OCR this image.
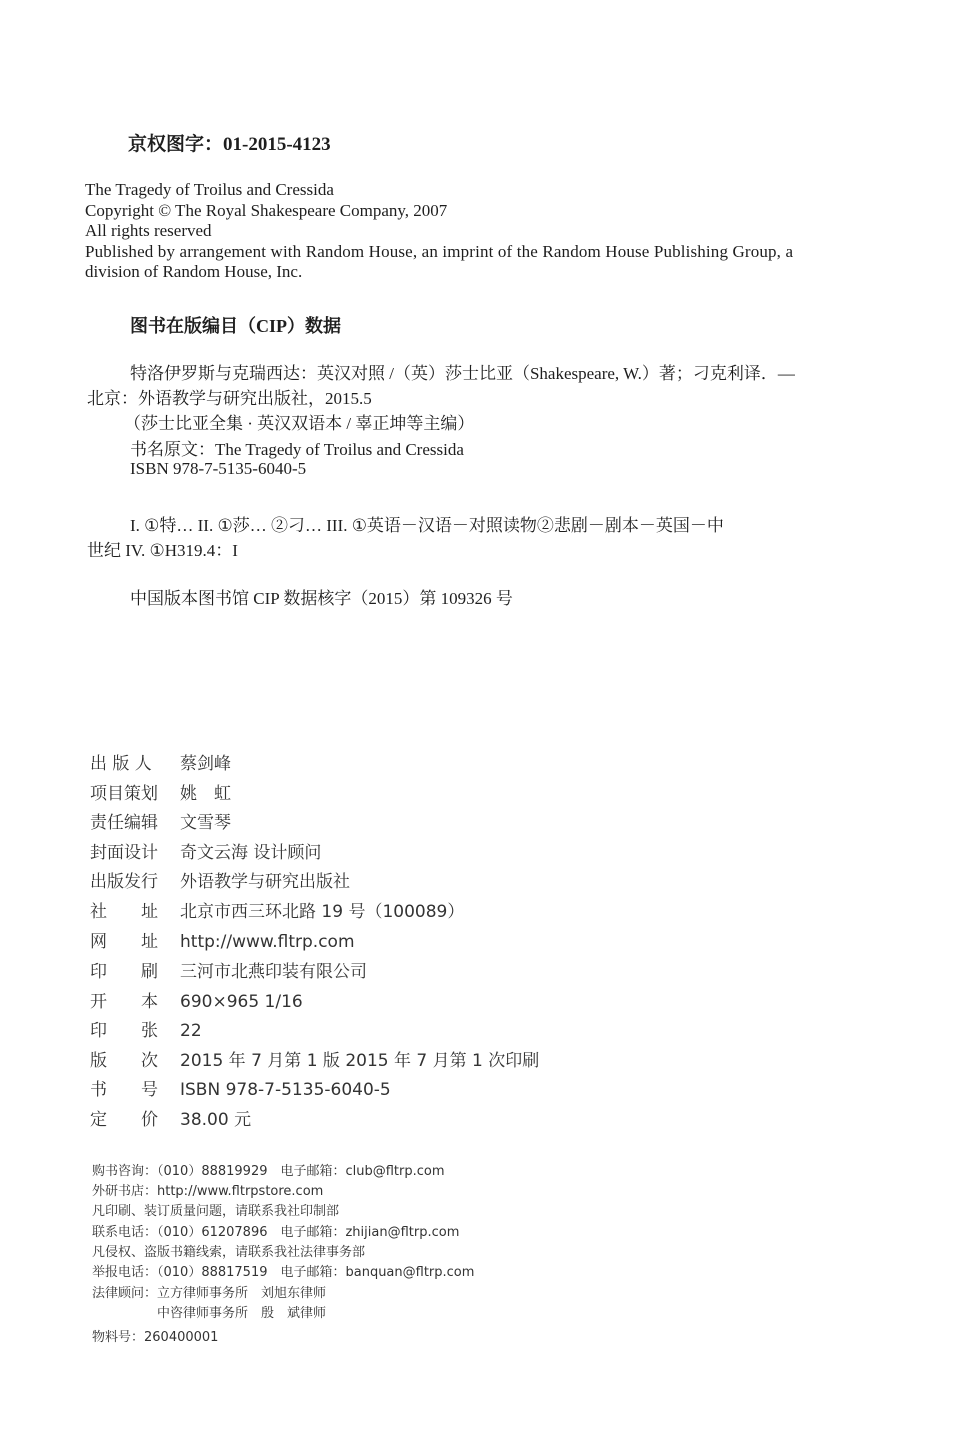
京权图字：01-2015-4123
The Tragedy of Troilus and Cressida
Copyright © The Royal Shakespeare Company, 2007
All rights reserved
Published by arrangement with Random House, an imprint of the Random House Publishing Group, a
division of Random House, Inc.
图书在版编目（CIP）数据
特洛伊罗斯与克瑞西达：英汉对照 /（英）莎士比亚（Shakespeare, W.）著；刁克利译．—
北京：外语教学与研究出版社，2015.5
（莎士比亚全集 · 英汉双语本 / 辜正坤等主编）
书名原文：The Tragedy of Troilus and Cressida
ISBN 978-7-5135-6040-5
I. ①特… II. ①莎… ②刁… III. ①英语－汉语－对照读物②悲剧－剧本－英国－中
世纪 IV. ①H319.4：I
中国版本图书馆 CIP 数据核字（2015）第 109326 号
出 版 人 蔡剑峰
项目策划 姚　虹
责任编辑 文雪琴
封面设计 奇文云海 设计顾问
出版发行 外语教学与研究出版社
社　　址 北京市西三环北路 19 号（100089）
网　　址 http://www.fltrp.com
印　　刷 三河市北燕印装有限公司
开　　本 690×965 1/16
印　　张 22
版　　次 2015 年 7 月第 1 版 2015 年 7 月第 1 次印刷
书　　号 ISBN 978-7-5135-6040-5
定　　价 38.00 元
购书咨询：（010）88819929　电子邮箱：club@fltrp.com
外研书店：http://www.fltrpstore.com
凡印刷、装订质量问题，请联系我社印制部
联系电话：（010）61207896　电子邮箱：zhijian@fltrp.com
凡侵权、盗版书籍线索，请联系我社法律事务部
举报电话：（010）88817519　电子邮箱：banquan@fltrp.com
法律顾问：立方律师事务所　刘旭东律师
　　　　　中咨律师事务所　殷　斌律师
物料号：260400001
